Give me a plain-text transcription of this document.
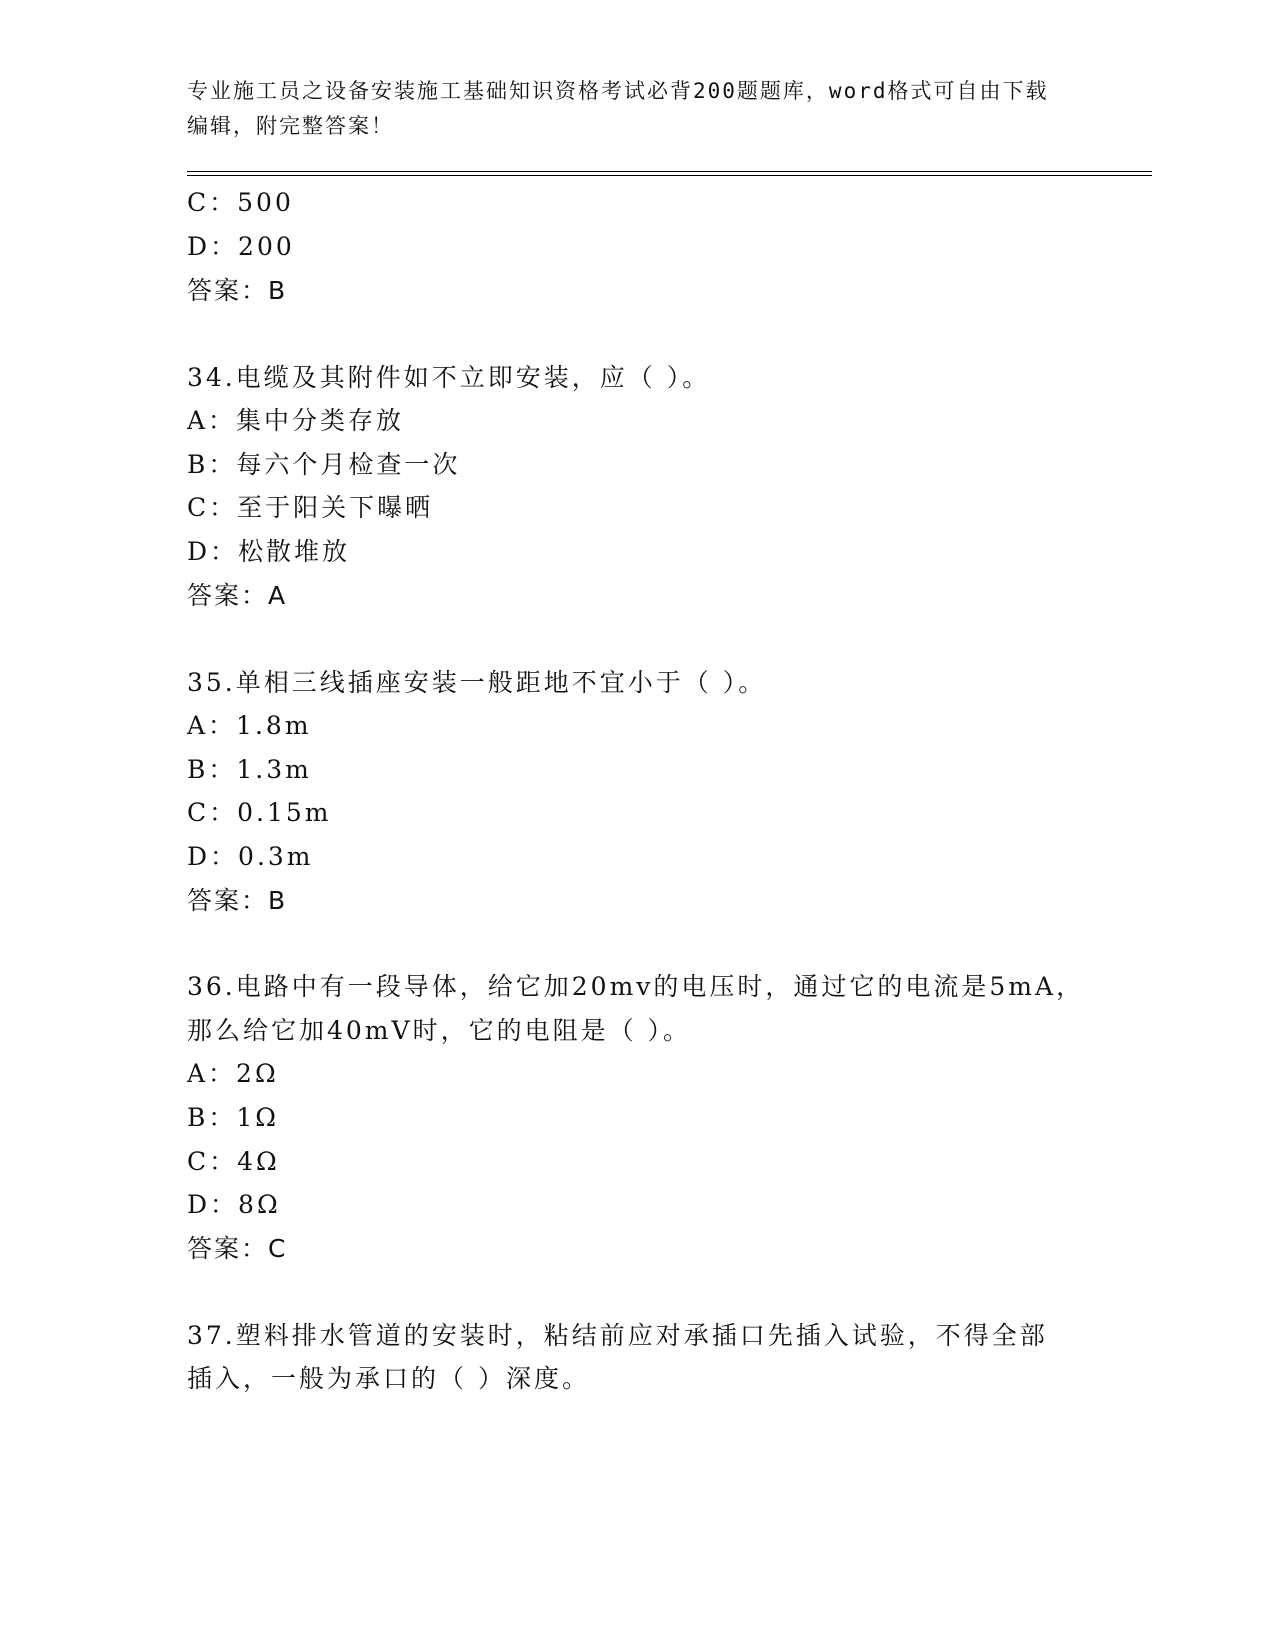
专业施工员之设备安装施工基础知识资格考试必背200题题库，word格式可自由下载编辑，附完整答案！
C：500
D：200
答案：B
34.电缆及其附件如不立即安装，应（ ）。
A：集中分类存放
B：每六个月检查一次
C：至于阳关下曝晒
D：松散堆放
答案：A
35.单相三线插座安装一般距地不宜小于（ ）。
A：1.8m
B：1.3m
C：0.15m
D：0.3m
答案：B
36.电路中有一段导体，给它加20mv的电压时，通过它的电流是5mA，
那么给它加40mV时，它的电阻是（ ）。
A：2Ω
B：1Ω
C：4Ω
D：8Ω
答案：C
37.塑料排水管道的安装时，粘结前应对承插口先插入试验，不得全部
插入，一般为承口的（ ）深度。
